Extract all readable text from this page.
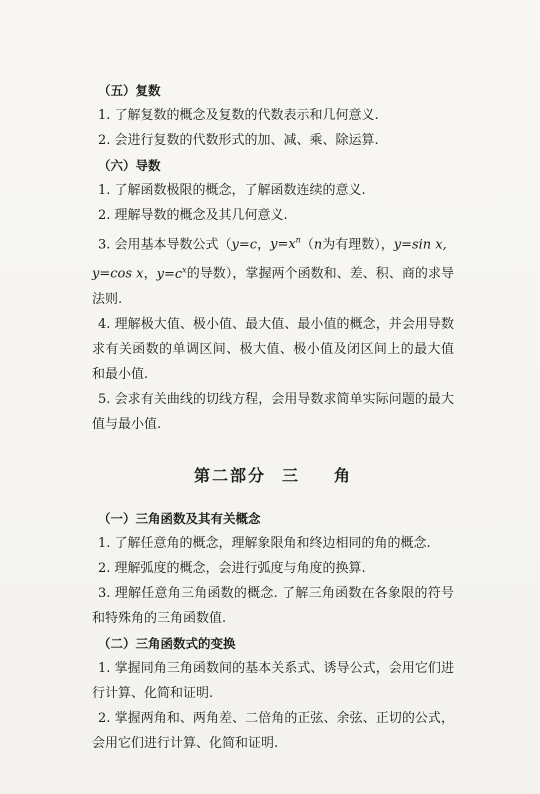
（五）复数
1. 了解复数的概念及复数的代数表示和几何意义.
2. 会进行复数的代数形式的加、减、乘、除运算.
（六）导数
1. 了解函数极限的概念，了解函数连续的意义.
2. 理解导数的概念及其几何意义.
3. 会用基本导数公式（y=c，$y=x^n(n$为有理数），y=sin x,
y=cos x，$y=c^x$的导数），掌握两个函数和、差、积、商的求导法则.
4. 理解极大值、极小值、最大值、最小值的概念，并会用导数求有关函数的单调区间、极大值、极小值及闭区间上的最大值和最小值.
5. 会求有关曲线的切线方程，会用导数求简单实际问题的最大值与最小值.
第二部分 三 角
（一）三角函数及其有关概念
1. 了解任意角的概念，理解象限角和终边相同的角的概念.
2. 理解弧度的概念，会进行弧度与角度的换算.
3. 理解任意角三角函数的概念. 了解三角函数在各象限的符号和特殊角的三角函数值.
（二）三角函数式的变换
1. 掌握同角三角函数间的基本关系式、诱导公式，会用它们进行计算、化简和证明.
2. 掌握两角和、两角差、二倍角的正弦、余弦、正切的公式，会用它们进行计算、化简和证明.
